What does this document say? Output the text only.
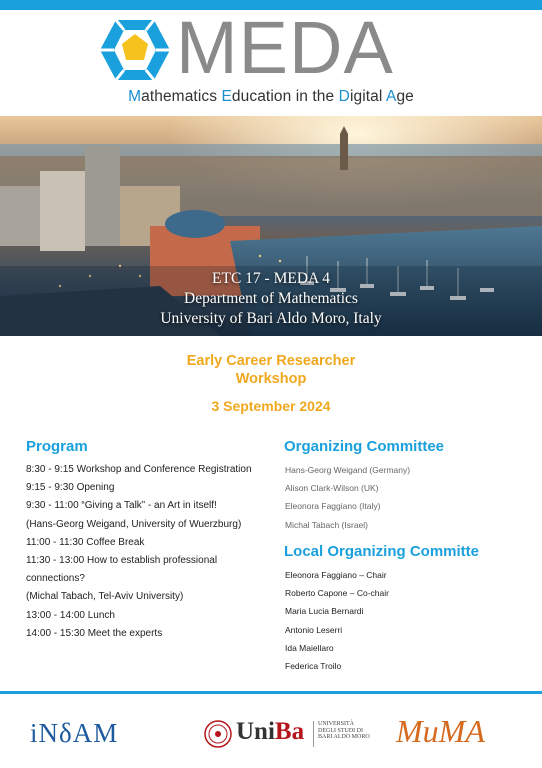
MEDA
Mathematics Education in the Digital Age
ETC 17 - MEDA 4
Department of Mathematics
University of Bari Aldo Moro, Italy
Early Career Researcher
Workshop
3 September 2024
Program
8:30 - 9:15 Workshop and Conference Registration
9:15 - 9:30 Opening
9:30 - 11:00 “Giving a Talk” - an Art in itself!
(Hans-Georg Weigand, University of Wuerzburg)
11:00 - 11:30 Coffee Break
11:30 - 13:00 How to establish professional
connections?
(Michal Tabach, Tel-Aviv University)
13:00 - 14:00 Lunch
14:00 - 15:30 Meet the experts
Organizing Committee
Hans-Georg Weigand (Germany)
Alison Clark-Wilson (UK)
Eleonora Faggiano (Italy)
Michal Tabach (Israel)
Local Organizing Committe
Eleonora Faggiano – Chair
Roberto Capone – Co-chair
Maria Lucia Bernardi
Antonio Leserri
Ida Maiellaro
Federica Troilo
iΝδAM	UniBa UNIVERSITÀ DEGLI STUDI DI BARI ALDO MORO MuMA
